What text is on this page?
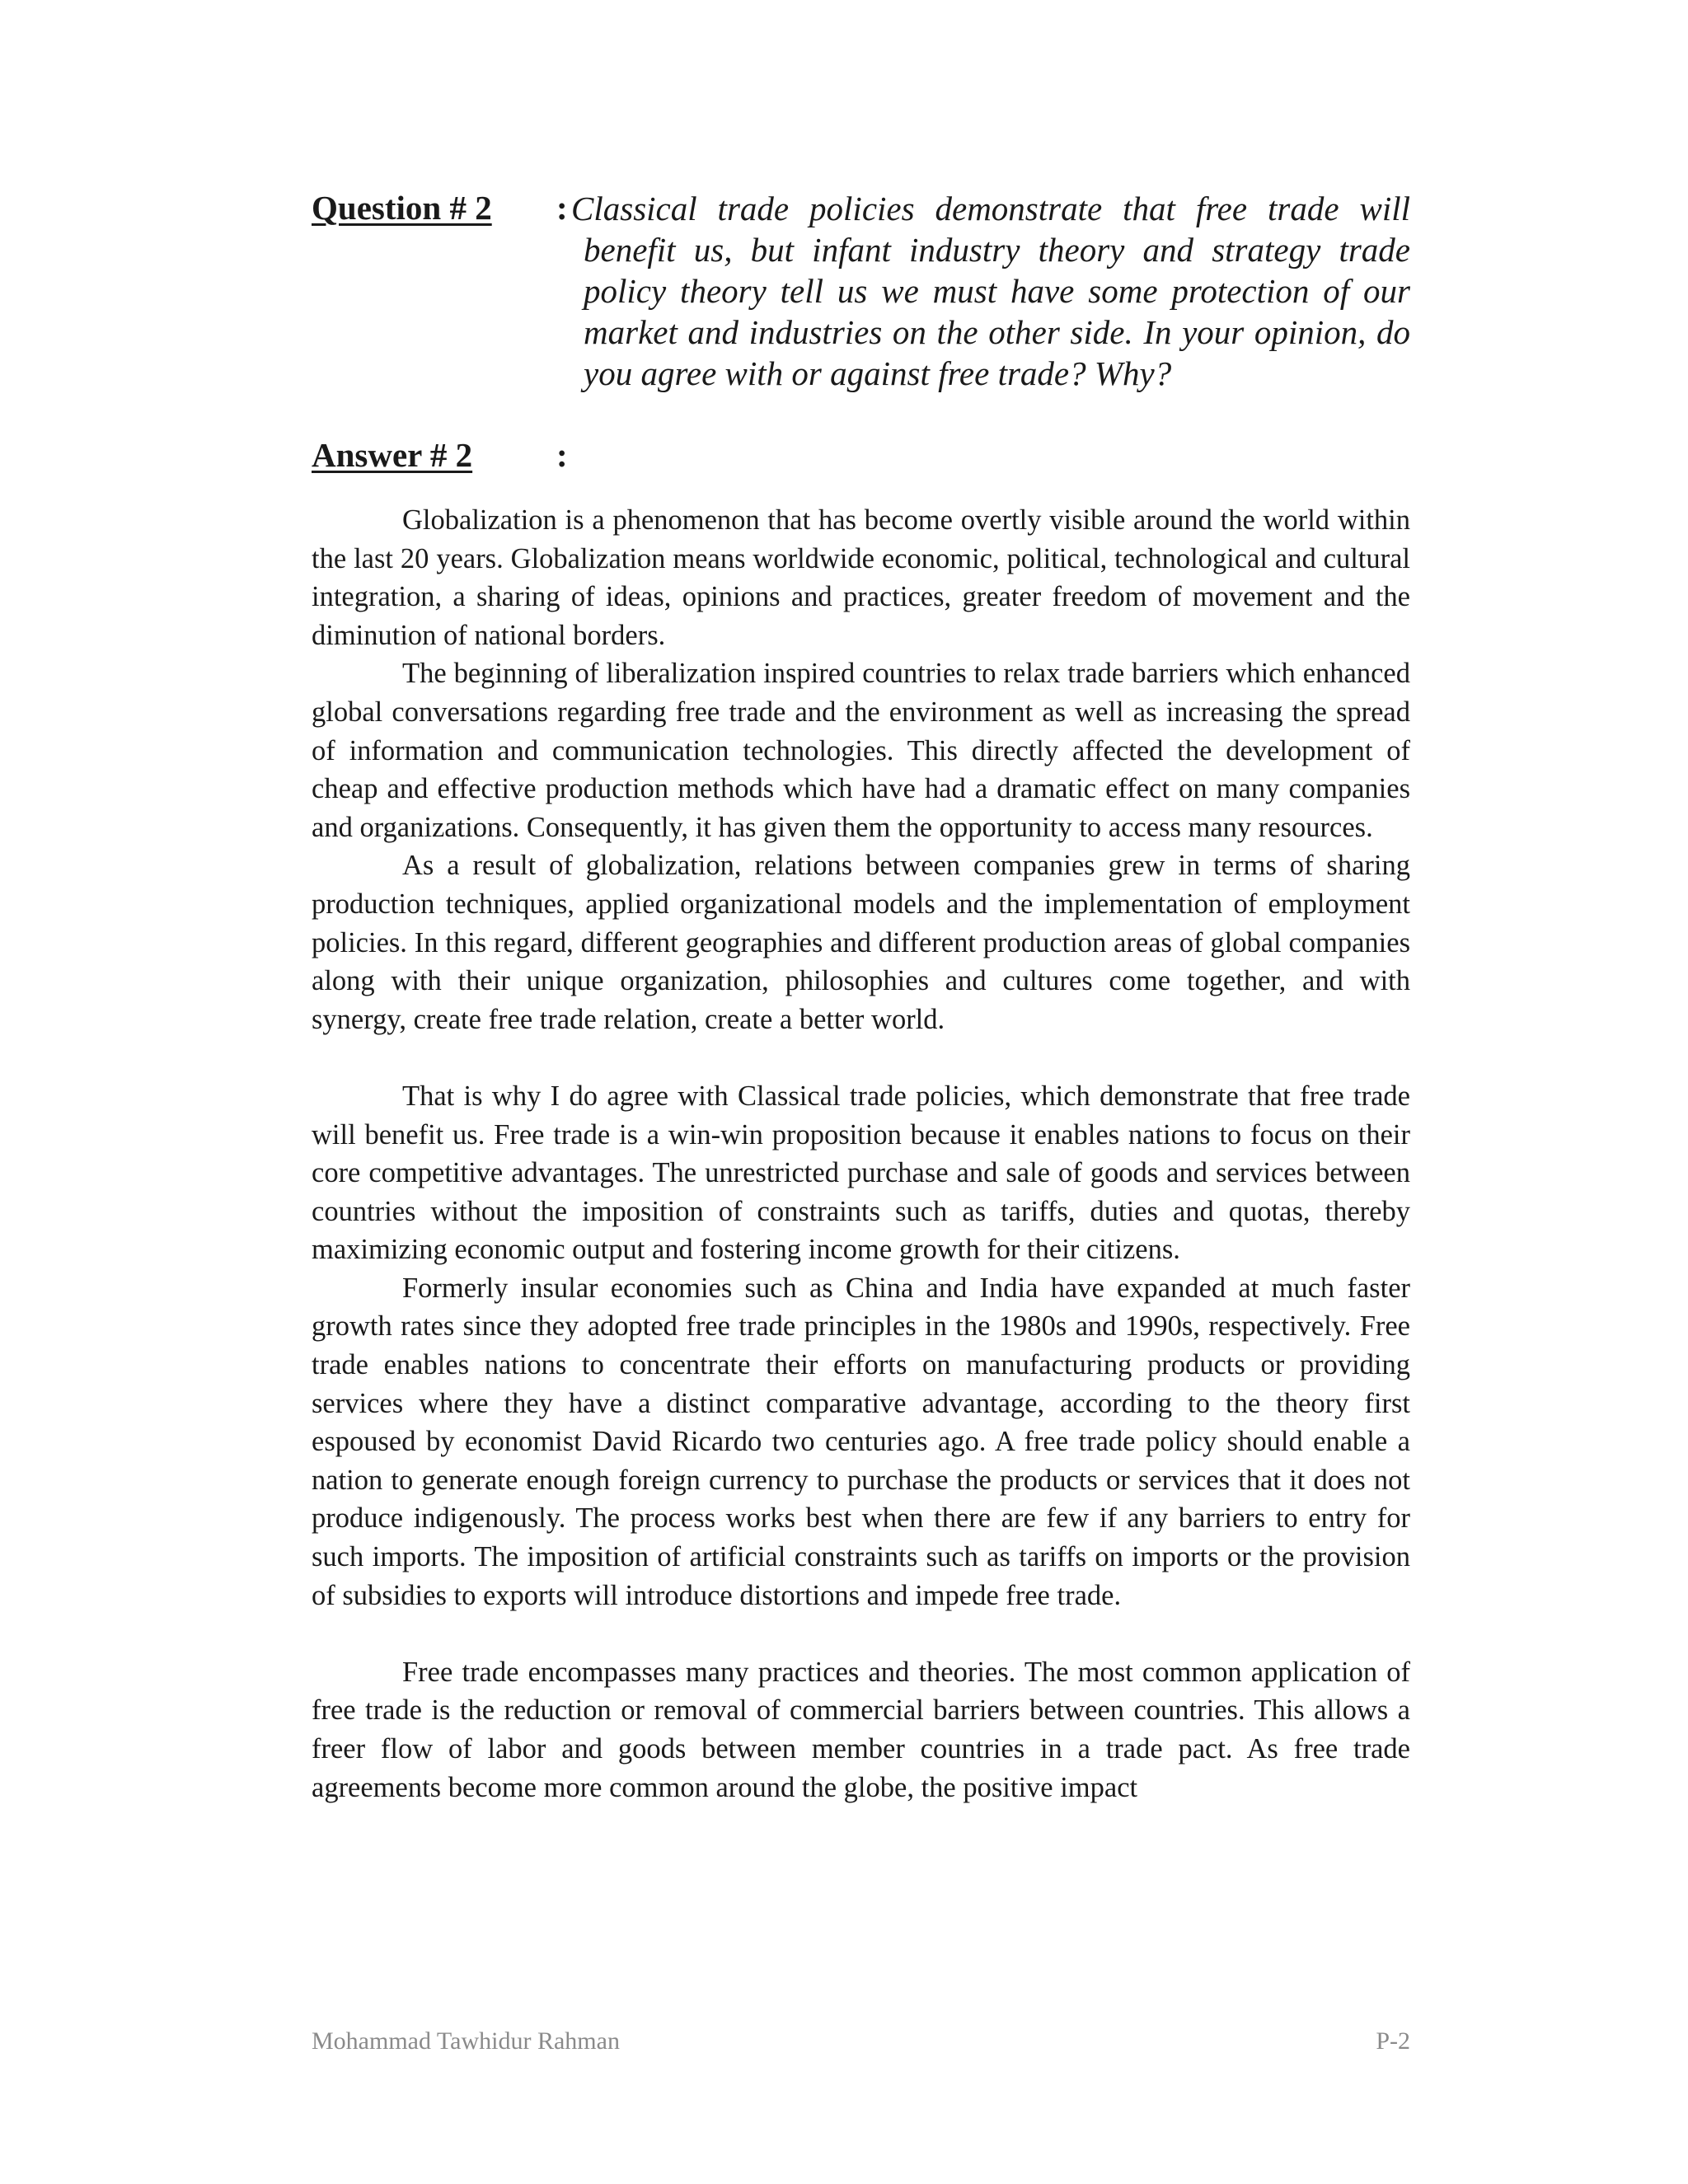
Question # 2 : Classical trade policies demonstrate that free trade will benefit us, but infant industry theory and strategy trade policy theory tell us we must have some protection of our market and industries on the other side. In your opinion, do you agree with or against free trade? Why?
Answer # 2 :

Globalization is a phenomenon that has become overtly visible around the world within the last 20 years. Globalization means worldwide economic, political, technological and cultural integration, a sharing of ideas, opinions and practices, greater freedom of movement and the diminution of national borders.

The beginning of liberalization inspired countries to relax trade barriers which enhanced global conversations regarding free trade and the environment as well as increasing the spread of information and communication technologies. This directly affected the development of cheap and effective production methods which have had a dramatic effect on many companies and organizations. Consequently, it has given them the opportunity to access many resources.

As a result of globalization, relations between companies grew in terms of sharing production techniques, applied organizational models and the implementation of employment policies. In this regard, different geographies and different production areas of global companies along with their unique organization, philosophies and cultures come together, and with synergy, create free trade relation, create a better world.

That is why I do agree with Classical trade policies, which demonstrate that free trade will benefit us. Free trade is a win-win proposition because it enables nations to focus on their core competitive advantages. The unrestricted purchase and sale of goods and services between countries without the imposition of constraints such as tariffs, duties and quotas, thereby maximizing economic output and fostering income growth for their citizens.

Formerly insular economies such as China and India have expanded at much faster growth rates since they adopted free trade principles in the 1980s and 1990s, respectively. Free trade enables nations to concentrate their efforts on manufacturing products or providing services where they have a distinct comparative advantage, according to the theory first espoused by economist David Ricardo two centuries ago. A free trade policy should enable a nation to generate enough foreign currency to purchase the products or services that it does not produce indigenously. The process works best when there are few if any barriers to entry for such imports. The imposition of artificial constraints such as tariffs on imports or the provision of subsidies to exports will introduce distortions and impede free trade.

Free trade encompasses many practices and theories. The most common application of free trade is the reduction or removal of commercial barriers between countries. This allows a freer flow of labor and goods between member countries in a trade pact. As free trade agreements become more common around the globe, the positive impact

Mohammad Tawhidur Rahman	P-2
